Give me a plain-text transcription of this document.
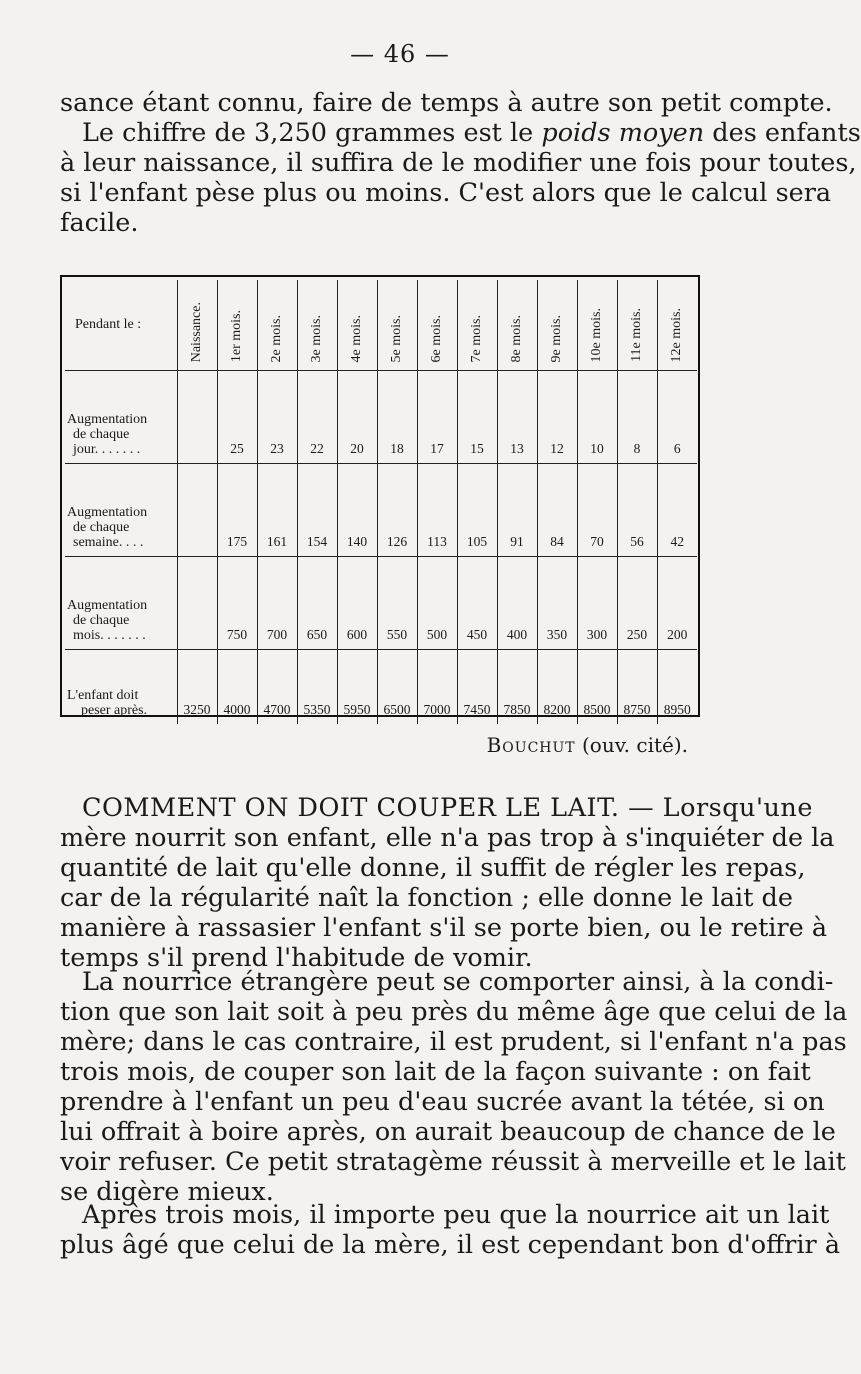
— 46 —
sance étant connu, faire de temps à autre son petit compte.
Le chiffre de 3,250 grammes est le poids moyen des enfants
à leur naissance, il suffira de le modifier une fois pour toutes,
si l'enfant pèse plus ou moins. C'est alors que le calcul sera
facile.
Pendant le :	Naissance.	1er mois.	2e mois.	3e mois.	4e mois.	5e mois.	6e mois.	7e mois.	8e mois.	9e mois.	10e mois.	11e mois.	12e mois.

Augmentation
de chaque
jour. . . . . . .		25	23	22	20	18	17	15	13	12	10	8	6

Augmentation
de chaque
semaine. . . .		175	161	154	140	126	113	105	91	84	70	56	42

Augmentation
de chaque
mois. . . . . . .		750	700	650	600	550	500	450	400	350	300	250	200

L'enfant doit
peser après.	3250	4000	4700	5350	5950	6500	7000	7450	7850	8200	8500	8750	8950
Bouchut (ouv. cité).
COMMENT ON DOIT COUPER LE LAIT. — Lorsqu'une
mère nourrit son enfant, elle n'a pas trop à s'inquiéter de la
quantité de lait qu'elle donne, il suffit de régler les repas,
car de la régularité naît la fonction ; elle donne le lait de
manière à rassasier l'enfant s'il se porte bien, ou le retire à
temps s'il prend l'habitude de vomir.
La nourrice étrangère peut se comporter ainsi, à la condi-
tion que son lait soit à peu près du même âge que celui de la
mère; dans le cas contraire, il est prudent, si l'enfant n'a pas
trois mois, de couper son lait de la façon suivante : on fait
prendre à l'enfant un peu d'eau sucrée avant la tétée, si on
lui offrait à boire après, on aurait beaucoup de chance de le
voir refuser. Ce petit stratagème réussit à merveille et le lait
se digère mieux.
Après trois mois, il importe peu que la nourrice ait un lait
plus âgé que celui de la mère, il est cependant bon d'offrir à
